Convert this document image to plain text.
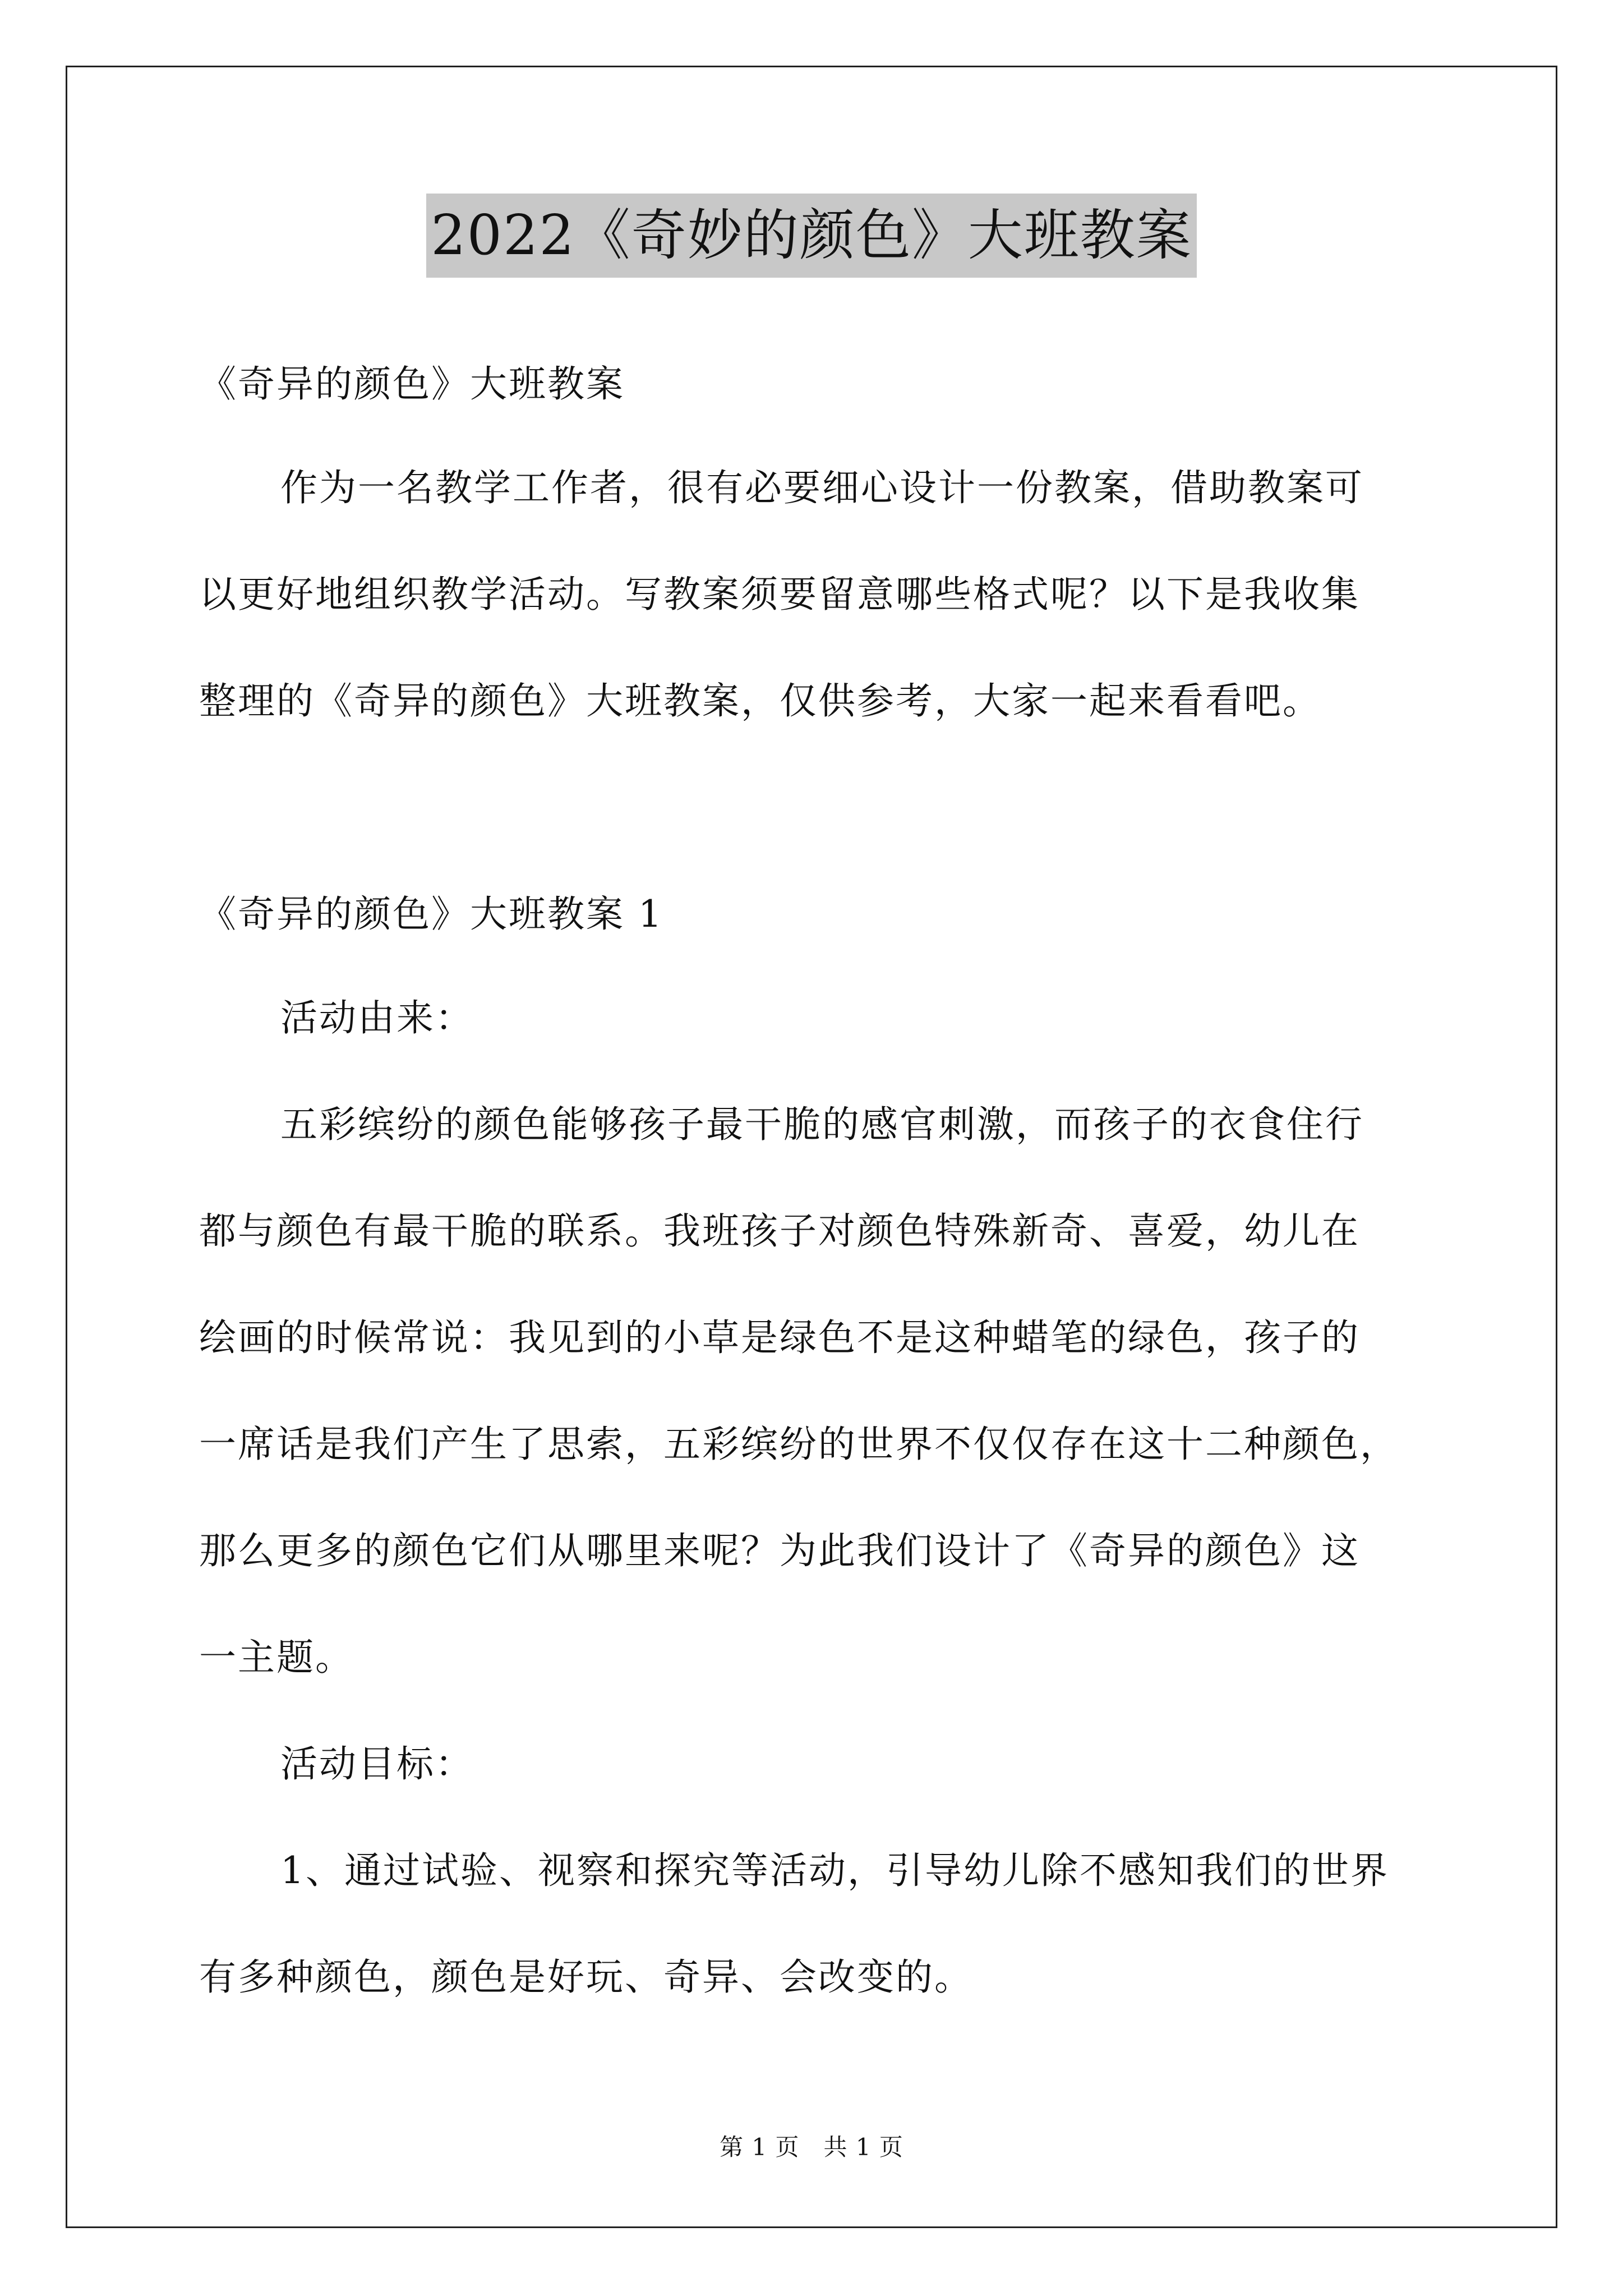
2022《奇妙的颜色》大班教案

《奇异的颜色》大班教案

作为一名教学工作者，很有必要细心设计一份教案，借助教案可

以更好地组织教学活动。写教案须要留意哪些格式呢？以下是我收集

整理的《奇异的颜色》大班教案，仅供参考，大家一起来看看吧。

《奇异的颜色》大班教案 1

活动由来：

五彩缤纷的颜色能够孩子最干脆的感官刺激，而孩子的衣食住行

都与颜色有最干脆的联系。我班孩子对颜色特殊新奇、喜爱，幼儿在

绘画的时候常说：我见到的小草是绿色不是这种蜡笔的绿色，孩子的

一席话是我们产生了思索，五彩缤纷的世界不仅仅存在这十二种颜色，

那么更多的颜色它们从哪里来呢？为此我们设计了《奇异的颜色》这

一主题。

活动目标：

1、通过试验、视察和探究等活动，引导幼儿除不感知我们的世界

有多种颜色，颜色是好玩、奇异、会改变的。

第 1 页　共 1 页
